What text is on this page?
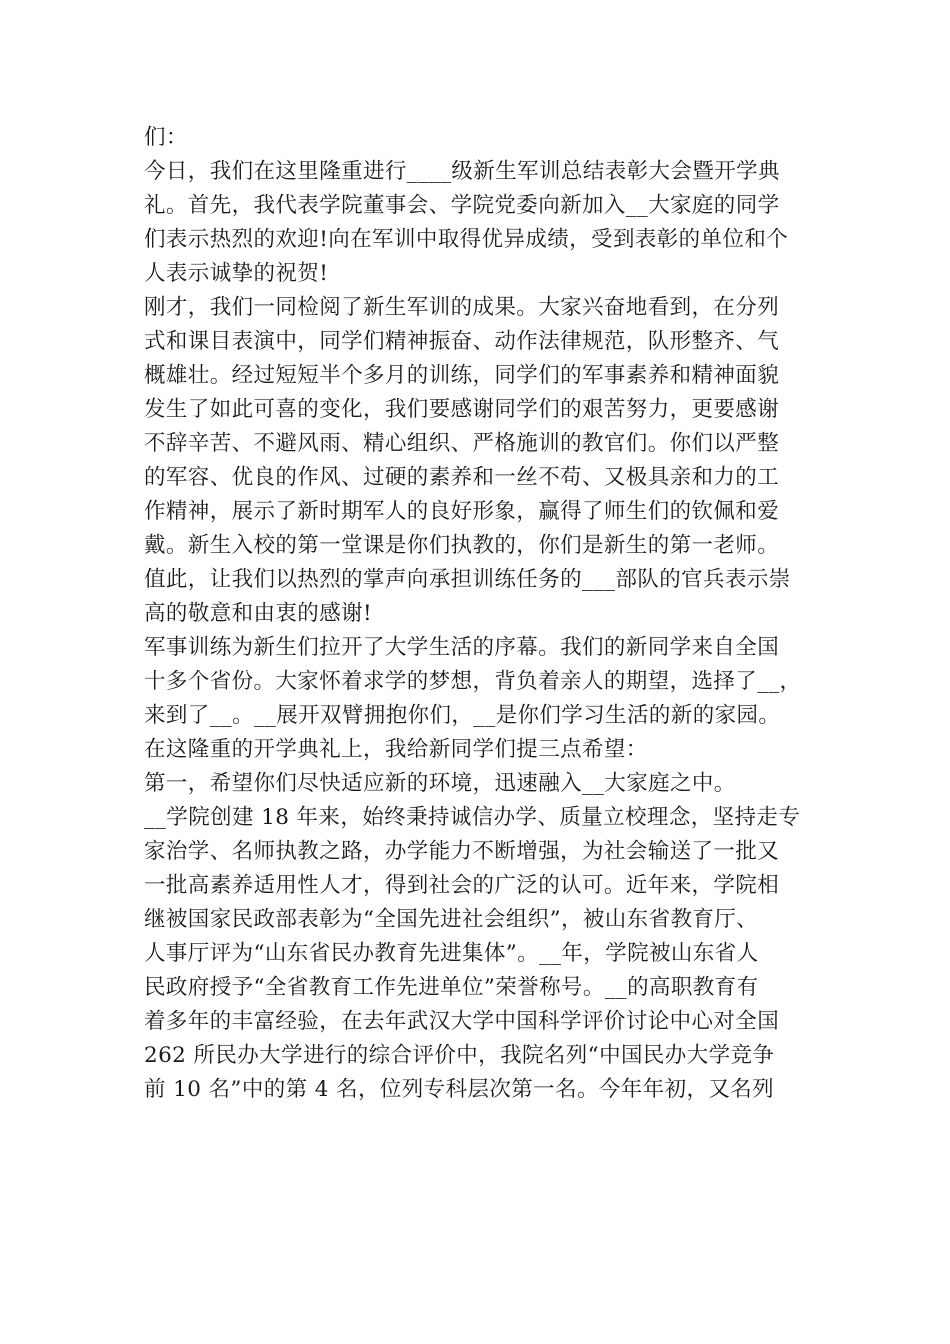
们：
今日，我们在这里隆重进行____级新生军训总结表彰大会暨开学典
礼。首先，我代表学院董事会、学院党委向新加入__大家庭的同学
们表示热烈的欢迎!向在军训中取得优异成绩，受到表彰的单位和个
人表示诚挚的祝贺!
刚才，我们一同检阅了新生军训的成果。大家兴奋地看到，在分列
式和课目表演中，同学们精神振奋、动作法律规范，队形整齐、气
概雄壮。经过短短半个多月的训练，同学们的军事素养和精神面貌
发生了如此可喜的变化，我们要感谢同学们的艰苦努力，更要感谢
不辞辛苦、不避风雨、精心组织、严格施训的教官们。你们以严整
的军容、优良的作风、过硬的素养和一丝不苟、又极具亲和力的工
作精神，展示了新时期军人的良好形象，赢得了师生们的钦佩和爱
戴。新生入校的第一堂课是你们执教的，你们是新生的第一老师。
值此，让我们以热烈的掌声向承担训练任务的___部队的官兵表示崇
高的敬意和由衷的感谢!
军事训练为新生们拉开了大学生活的序幕。我们的新同学来自全国
十多个省份。大家怀着求学的梦想，背负着亲人的期望，选择了__，
来到了__。__展开双臂拥抱你们，__是你们学习生活的新的家园。
在这隆重的开学典礼上，我给新同学们提三点希望：
第一，希望你们尽快适应新的环境，迅速融入__大家庭之中。
__学院创建 18 年来，始终秉持诚信办学、质量立校理念，坚持走专
家治学、名师执教之路，办学能力不断增强，为社会输送了一批又
一批高素养适用性人才，得到社会的广泛的认可。近年来，学院相
继被国家民政部表彰为“全国先进社会组织”，被山东省教育厅、
人事厅评为“山东省民办教育先进集体”。__年，学院被山东省人
民政府授予“全省教育工作先进单位”荣誉称号。__的高职教育有
着多年的丰富经验，在去年武汉大学中国科学评价讨论中心对全国
262 所民办大学进行的综合评价中，我院名列“中国民办大学竞争
前 10 名”中的第 4 名，位列专科层次第一名。今年年初，又名列
